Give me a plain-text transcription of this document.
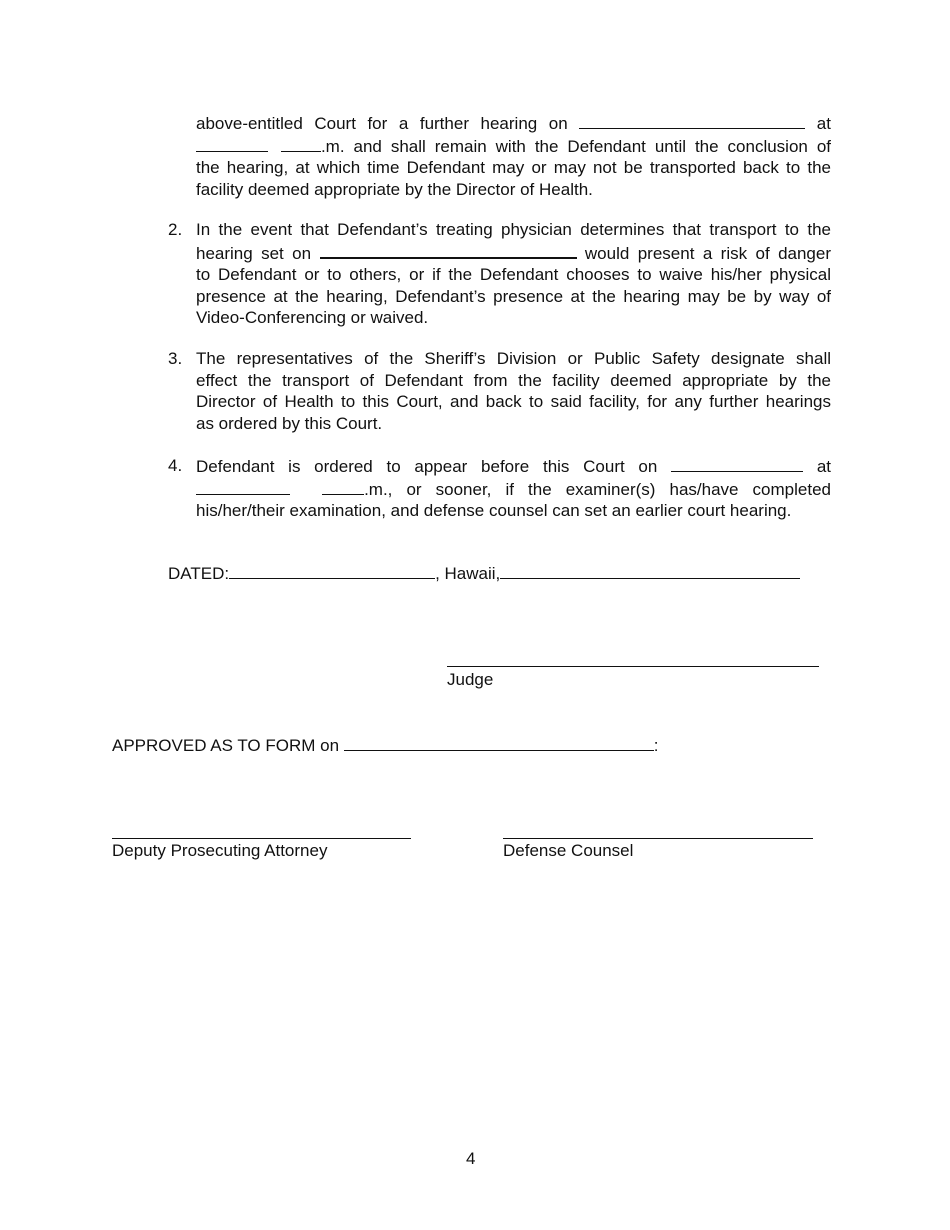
above-entitled Court for a further hearing on	at
.m. and shall remain with the Defendant until the conclusion of
the hearing, at which time Defendant may or may not be transported back to the
facility deemed appropriate by the Director of Health.
2. In the event that Defendant’s treating physician determines that transport to the
hearing set on	would present a risk of danger
to Defendant or to others, or if the Defendant chooses to waive his/her physical
presence at the hearing, Defendant’s presence at the hearing may be by way of
Video-Conferencing or waived.
3. The representatives of the Sheriff’s Division or Public Safety designate shall
effect the transport of Defendant from the facility deemed appropriate by the
Director of Health to this Court, and back to said facility, for any further hearings
as ordered by this Court.
4. Defendant is ordered to appear before this Court on	at
.m., or sooner, if the examiner(s) has/have completed
his/her/their examination, and defense counsel can set an earlier court hearing.
DATED:	, Hawaii,
Judge
APPROVED AS TO FORM on	:
Deputy Prosecuting Attorney	Defense Counsel
4
